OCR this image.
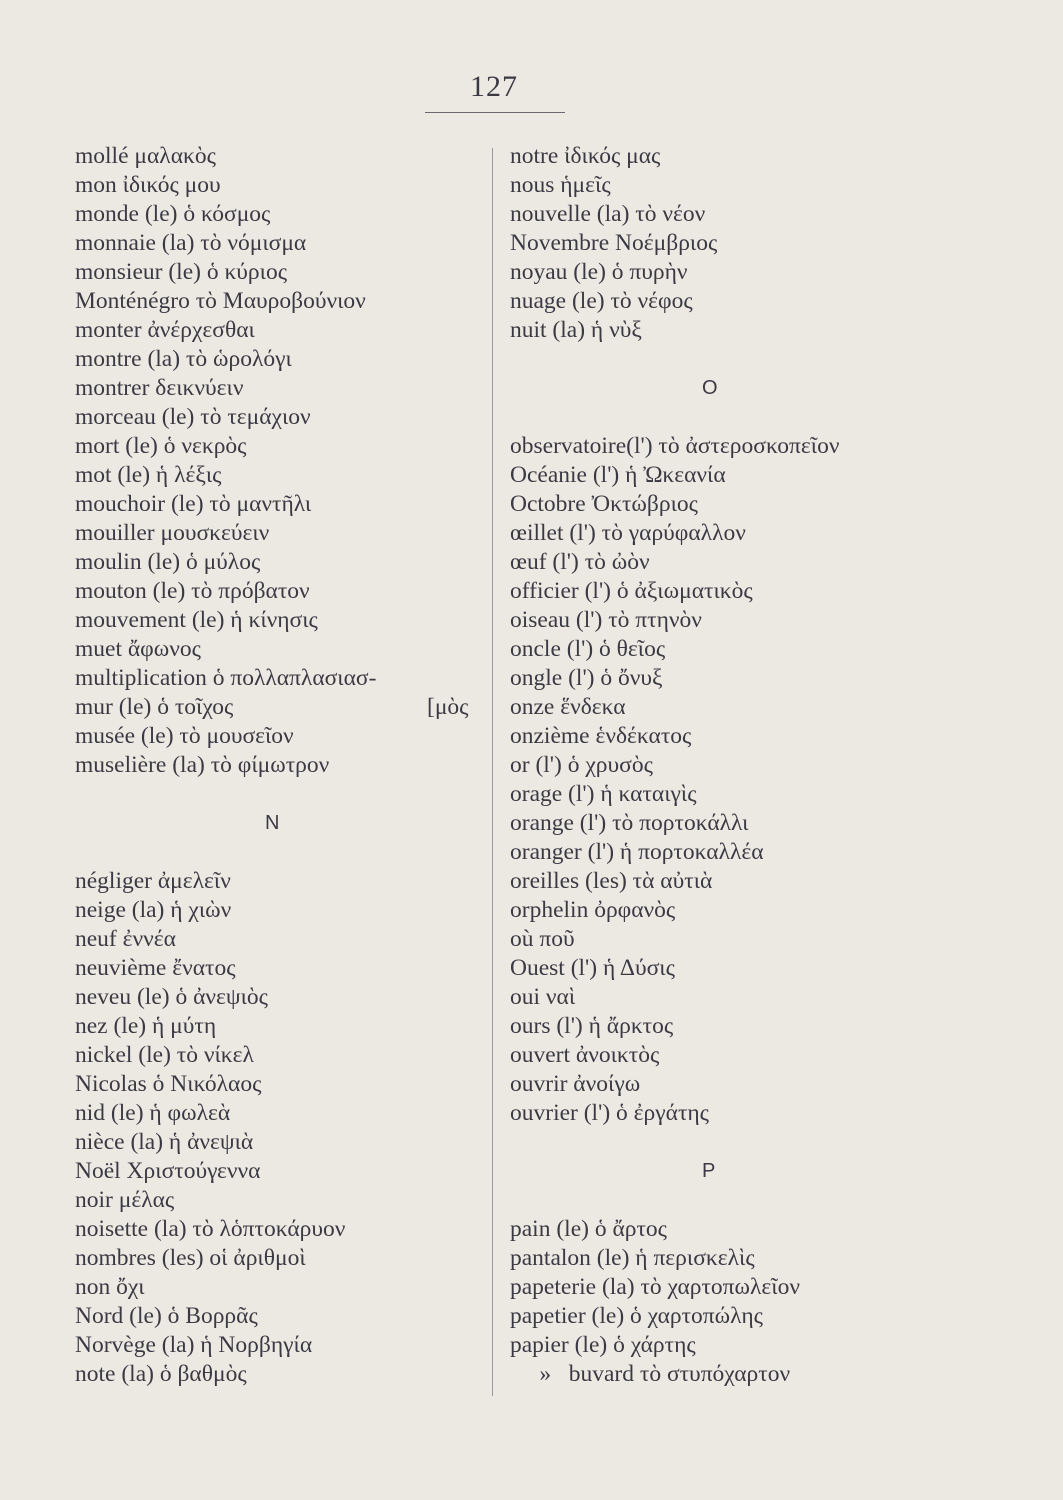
127
mollé μαλακὸς
mon ἰδικός μου
monde (le) ὁ κόσμος
monnaie (la) τὸ νόμισμα
monsieur (le) ὁ κύριος
Monténégro τὸ Μαυροβούνιον
monter ἀνέρχεσθαι
montre (la) τὸ ὡρολόγι
montrer δεικνύειν
morceau (le) τὸ τεμάχιον
mort (le) ὁ νεκρὸς
mot (le) ἡ λέξις
mouchoir (le) τὸ μαντῆλι
mouiller μουσκεύειν
moulin (le) ὁ μύλος
mouton (le) τὸ πρόβατον
mouvement (le) ἡ κίνησις
muet ἄφωνος
multiplication ὁ πολλαπλασιασ-
mur (le) ὁ τοῖχος	[μὸς
musée (le) τὸ μουσεῖον
muselière (la) τὸ φίμωτρον
N
négliger ἀμελεῖν
neige (la) ἡ χιὼν
neuf ἐννέα
neuvième ἔνατος
neveu (le) ὁ ἀνεψιὸς
nez (le) ἡ μύτη
nickel (le) τὸ νίκελ
Nicolas ὁ Νικόλαος
nid (le) ἡ φωλεὰ
nièce (la) ἡ ἀνεψιὰ
Noël Χριστούγεννα
noir μέλας
noisette (la) τὸ λὁπτοκάρυον
nombres (les) οἱ ἀριθμοὶ
non ὄχι
Nord (le) ὁ Βορρᾶς
Norvège (la) ἡ Νορβηγία
note (la) ὁ βαθμὸς
notre ἰδικός μας
nous ἡμεῖς
nouvelle (la) τὸ νέον
Novembre Νοέμβριος
noyau (le) ὁ πυρὴν
nuage (le) τὸ νέφος
nuit (la) ἡ νὺξ
O
observatoire(l') τὸ ἀστεροσκοπεῖον
Océanie (l') ἡ Ὠκεανία
Octobre Ὀκτώβριος
œillet (l') τὸ γαρύφαλλον
œuf (l') τὸ ὠὸν
officier (l') ὁ ἀξιωματικὸς
oiseau (l') τὸ πτηνὸν
oncle (l') ὁ θεῖος
ongle (l') ὁ ὄνυξ
onze ἕνδεκα
onzième ἑνδέκατος
or (l') ὁ χρυσὸς
orage (l') ἡ καταιγὶς
orange (l') τὸ πορτοκάλλι
oranger (l') ἡ πορτοκαλλέα
oreilles (les) τὰ αὐτιὰ
orphelin ὀρφανὸς
où ποῦ
Ouest (l') ἡ Δύσις
oui ναὶ
ours (l') ἡ ἄρκτος
ouvert ἀνοικτὸς
ouvrir ἀνοίγω
ouvrier (l') ὁ ἐργάτης
P
pain (le) ὁ ἄρτος
pantalon (le) ἡ περισκελὶς
papeterie (la) τὸ χαρτοπωλεῖον
papetier (le) ὁ χαρτοπώλης
papier (le) ὁ χάρτης
»   buvard τὸ στυπόχαρτον
